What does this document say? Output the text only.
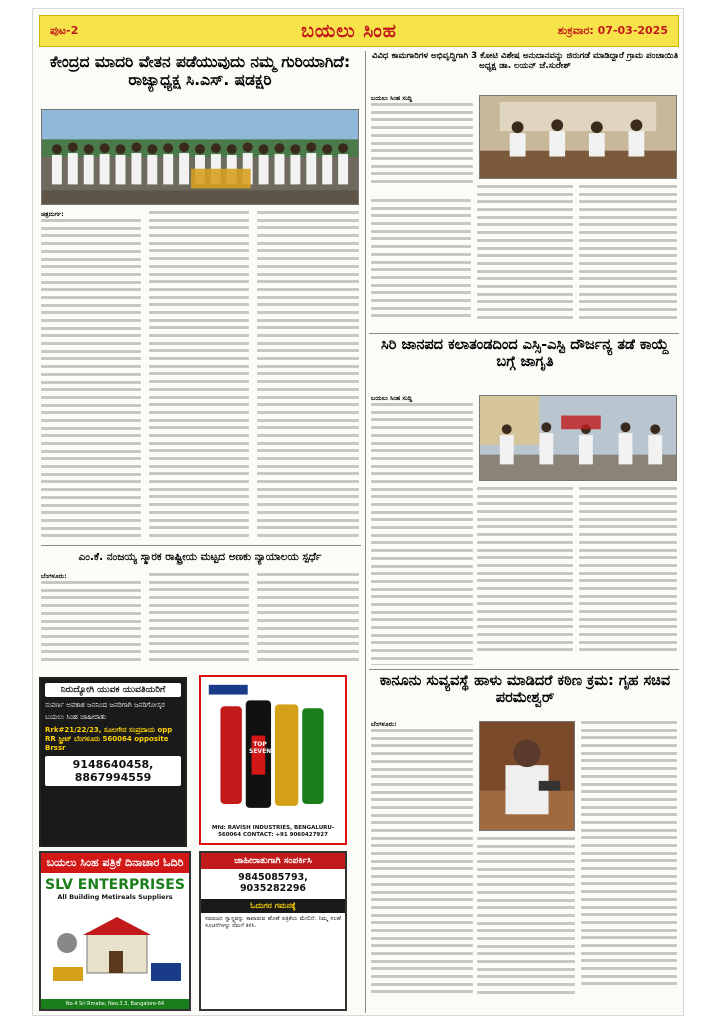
ಪುಟ-2	ಬಯಲು ಸಿಂಹ	ಶುಕ್ರವಾರ: 07-03-2025
ಕೇಂದ್ರದ ಮಾದರಿ ವೇತನ ಪಡೆಯುವುದು ನಮ್ಮ ಗುರಿಯಾಗಿದೆ: ರಾಜ್ಯಾಧ್ಯಕ್ಷ ಸಿ.ಎಸ್. ಷಡಕ್ಷರಿ
ಚಿತ್ರದುರ್ಗ:
ಎಂ.ಕೆ. ನಂಜಯ್ಯ ಸ್ಮಾರಕ ರಾಷ್ಟ್ರೀಯ ಮಟ್ಟದ ಅಣಕು ನ್ಯಾಯಾಲಯ ಸ್ಪರ್ಧೆ
ಬೆಂಗಳೂರು:
ನಿರುದ್ಯೋಗಿ ಯುವಕ ಯುವತಿಯರಿಗೆ
ಸುವರ್ಣ ಅವಕಾಶ ಜನನಿಂದ ಜನರಿಗಾಗಿ ಜನರಿಗೋಸ್ಕರ
ಬಯಲು ಸಿಂಹ ಜಾಹೀರಾತು
Rrk#21/22/23, ಸೂಲಗೇನ ಸಂಪ್ರದಾಯ opp RR ಸ್ಟ್ರೀಟ್ ಬೆಂಗಳೂರು 560064 opposite Brssr
9148640458, 8867994559
TOP SEVEN
Mfd: RAVISH INDUSTRIES, BENGALURU-560064 CONTACT: +91 9060427927
ಬಯಲು ಸಿಂಹ ಪತ್ರಿಕೆ ದಿನಾಚಾರ ಓದಿರಿ
SLV ENTERPRISES
All Building Metireals Suppliers
No.4 Sri Rmabe, Neo.3.3, Bangalore-64
ಜಾಹೀರಾತುಗಾಗಿ ಸಂಪರ್ಕಿಸಿ
9845085793, 9035282296
ಓದುಗರ ಗಮನಕ್ಕೆ
ಸಮಾಜದ ಸ್ವಾಸ್ಥ್ಯವನ್ನು ಕಾಪಾಡುವ ಹೊಣೆ ಪತ್ರಿಕೆಯ ಮೇಲಿದೆ. ನಿಮ್ಮ ಸಲಹೆ ಸೂಚನೆಗಳನ್ನು ನಮಗೆ ತಿಳಿಸಿ.
ವಿವಿಧ ಕಾಮಗಾರಿಗಳ ಅಭಿವೃದ್ಧಿಗಾಗಿ 3 ಕೋಟಿ ವಿಶೇಷ ಅನುದಾನವನ್ನು ಜಿರುಗಡೆ ಮಾಡಿದ್ದಾರೆ ಗ್ರಾಮ ಪಂಚಾಯಿತಿ ಅಧ್ಯಕ್ಷ ಡಾ. ಲಯನ್ ಜೆ.ಸುರೇಶ್
ಬಯಲು ಸಿಂಹ ಸುದ್ದಿ
ಸಿರಿ ಜಾನಪದ ಕಲಾತಂಡದಿಂದ ಎಸ್ಸಿ-ಎಸ್ಟಿ ದೌರ್ಜನ್ಯ ತಡೆ ಕಾಯ್ದೆ ಬಗ್ಗೆ ಜಾಗೃತಿ
ಬಯಲು ಸಿಂಹ ಸುದ್ದಿ
ಕಾನೂನು ಸುವ್ಯವಸ್ಥೆ ಹಾಳು ಮಾಡಿದರೆ ಕಠಿಣ ಕ್ರಮ: ಗೃಹ ಸಚಿವ ಪರಮೇಶ್ವರ್
ಬೆಂಗಳೂರು:
